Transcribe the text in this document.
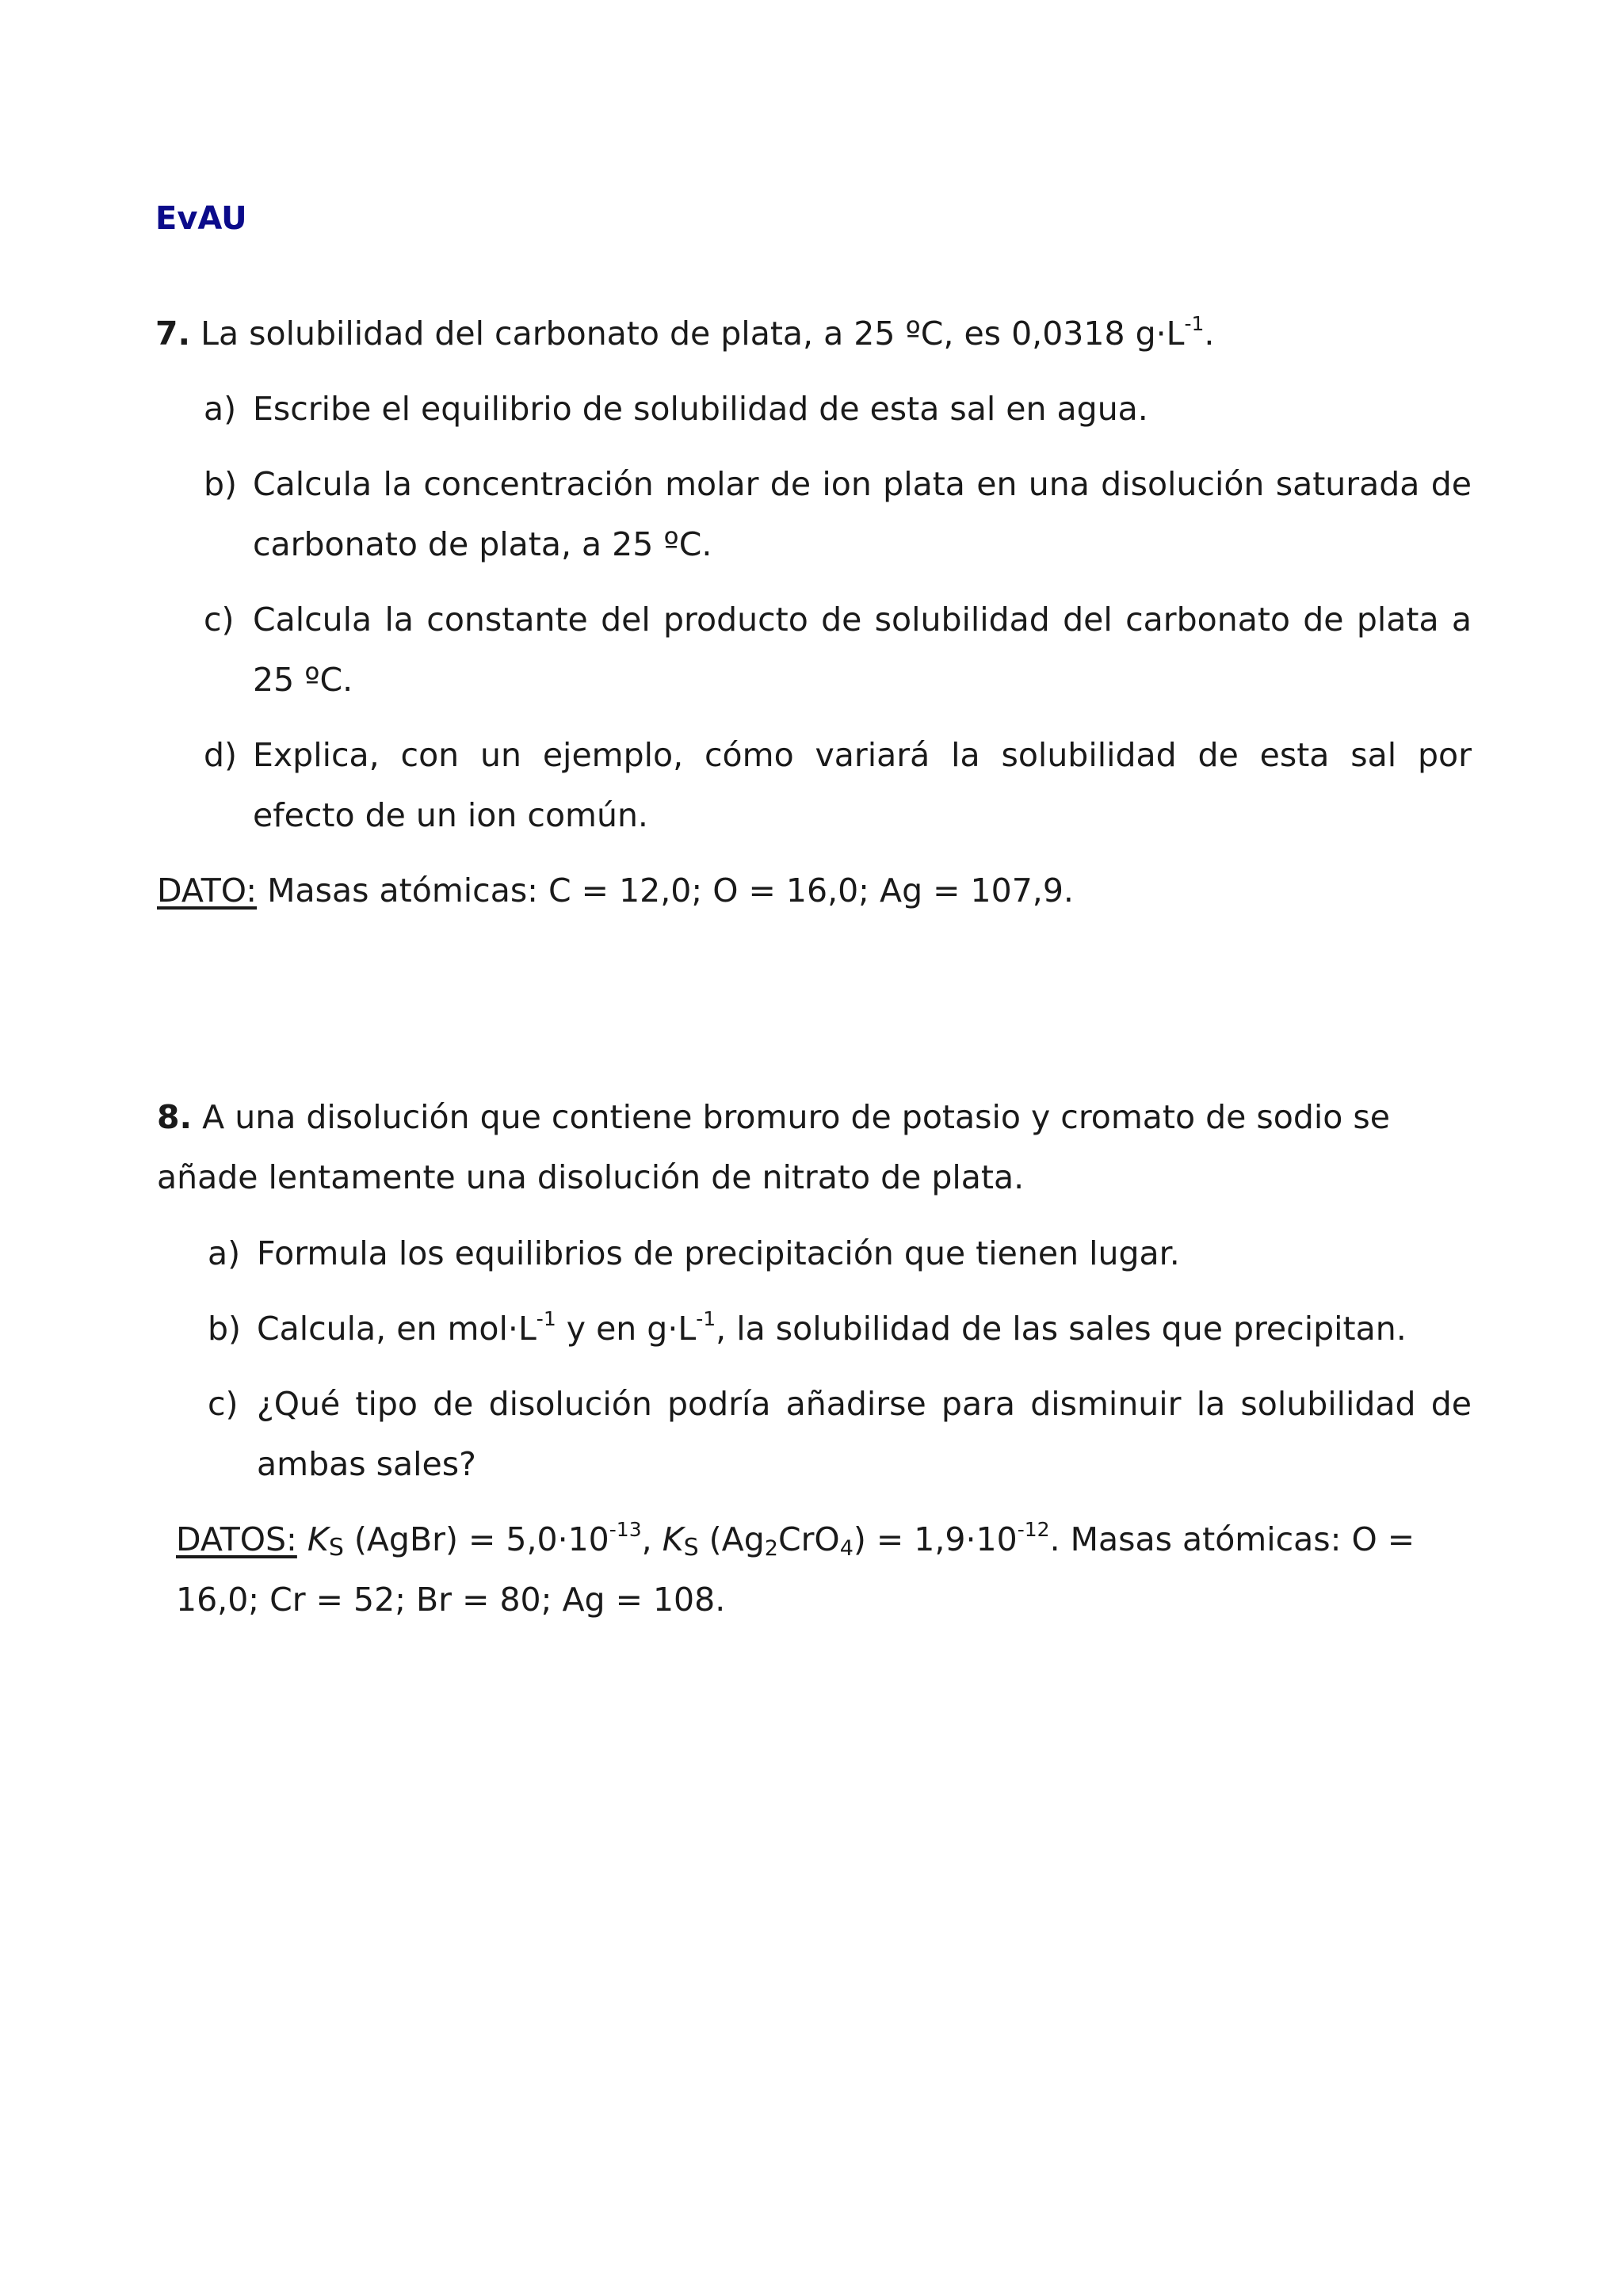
EvAU
7. La solubilidad del carbonato de plata, a 25 ºC, es 0,0318 $g\cdot L^{-1}$.
a) Escribe el equilibrio de solubilidad de esta sal en agua.
b) Calcula la concentración molar de ion plata en una disolución saturada de
carbonato de plata, a 25 ºC.
c) Calcula la constante del producto de solubilidad del carbonato de plata a
25 ºC.
d) Explica, con un ejemplo, cómo variará la solubilidad de esta sal por
efecto de un ion común.
DATO: Masas atómicas: C = 12,0; O = 16,0; Ag = 107,9.
8. A una disolución que contiene bromuro de potasio y cromato de sodio se
añade lentamente una disolución de nitrato de plata.
a) Formula los equilibrios de precipitación que tienen lugar.
b) Calcula, en $mol\cdot L^{-1}$ y en $g\cdot L^{-1}$, la solubilidad de las sales que precipitan.
c) ¿Qué tipo de disolución podría añadirse para disminuir la solubilidad de
ambas sales?
DATOS: $K_S$ (AgBr) = $5,0\cdot 10^{-13}$, $K_S$ $(Ag_2CrO_4) = 1,9\cdot 10^{-12}$. Masas atómicas: O =
16,0; Cr = 52; Br = 80; Ag = 108.
